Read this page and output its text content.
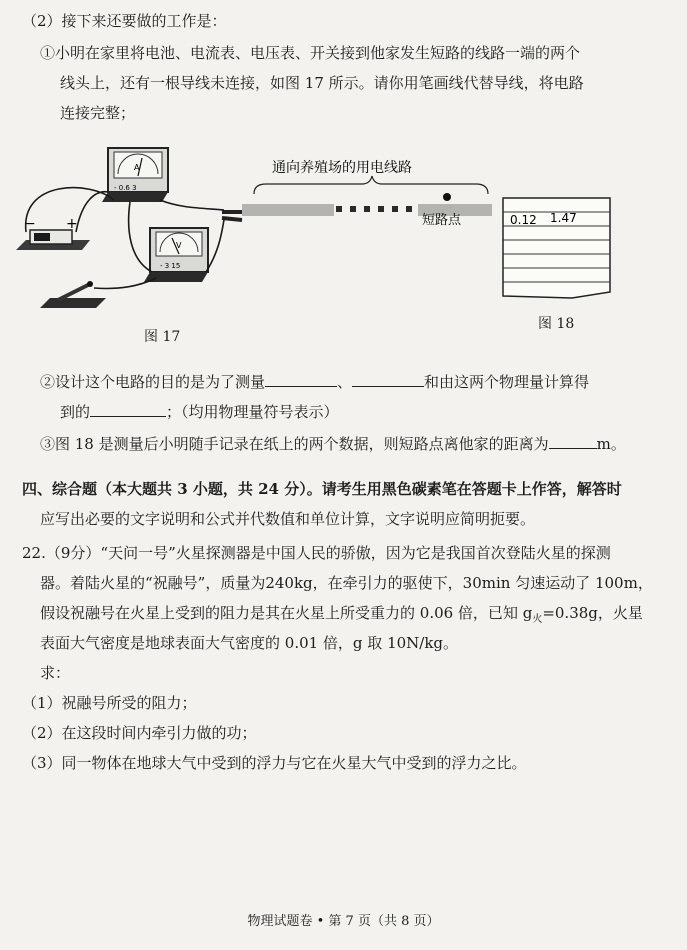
（2）接下来还要做的工作是：
①小明在家里将电池、电流表、电压表、开关接到他家发生短路的线路一端的两个
线头上，还有一根导线未连接，如图 17 所示。请你用笔画线代替导线，将电路
连接完整；
A
- 0.6 3
V
- 3 15
− +
通向养殖场的用电线路
短路点
图 17
0.12 1.47
图 18
②设计这个电路的目的是为了测量	、	和由这两个物理量计算得
到的	；（均用物理量符号表示）
③图 18 是测量后小明随手记录在纸上的两个数据，则短路点离他家的距离为	m。
四、综合题（本大题共 3 小题，共 24 分）。请考生用黑色碳素笔在答题卡上作答，解答时
应写出必要的文字说明和公式并代数值和单位计算，文字说明应简明扼要。
22.（9分）“天问一号”火星探测器是中国人民的骄傲，因为它是我国首次登陆火星的探测
器。着陆火星的“祝融号”，质量为240kg，在牵引力的驱使下，30min 匀速运动了 100m，
假设祝融号在火星上受到的阻力是其在火星上所受重力的 0.06 倍，已知 $g_火=0.38g$，火星
表面大气密度是地球表面大气密度的 0.01 倍，g 取 10N/kg。
求：
（1）祝融号所受的阻力；
（2）在这段时间内牵引力做的功；
（3）同一物体在地球大气中受到的浮力与它在火星大气中受到的浮力之比。
物理试题卷 • 第 7 页（共 8 页）
